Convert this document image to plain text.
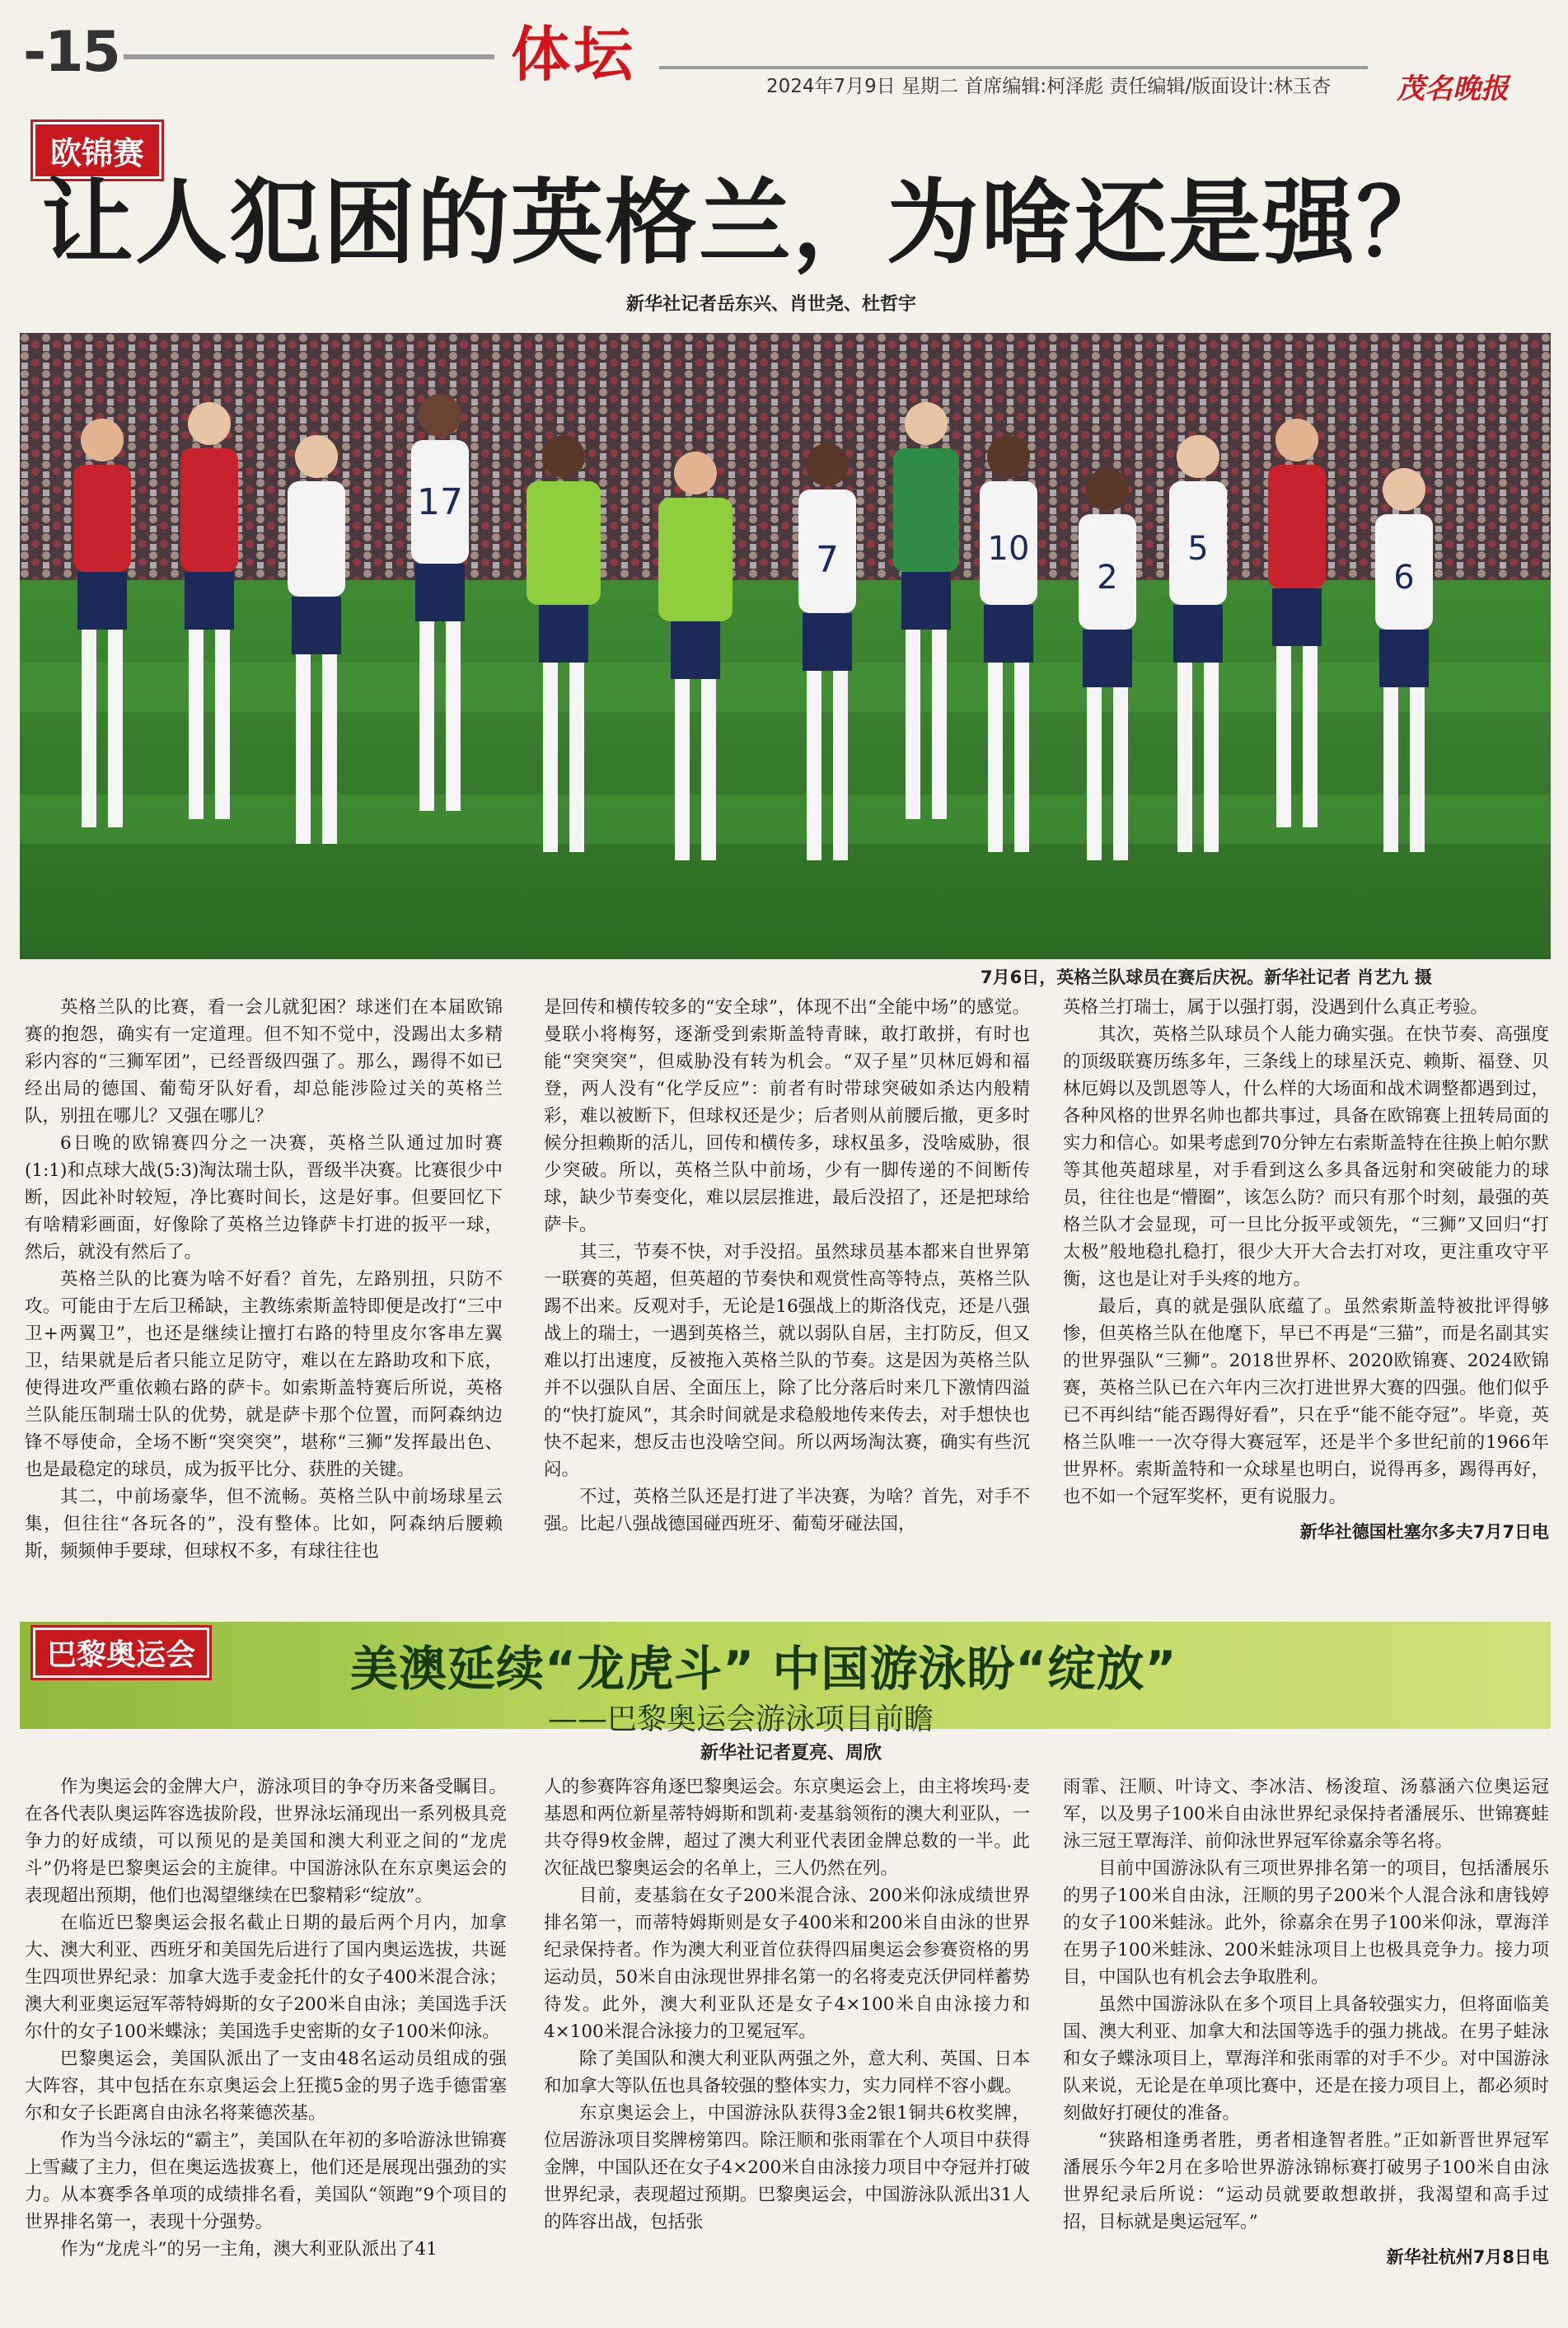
-15	体坛	2024年7月9日 星期二 首席编辑:柯泽彪 责任编辑/版面设计:林玉杏 茂名晚报
欧锦赛
让人犯困的英格兰，为啥还是强？
新华社记者岳东兴、肖世尧、杜哲宇
17
7	10
2
5
6
7月6日，英格兰队球员在赛后庆祝。新华社记者 肖艺九 摄

英格兰队的比赛，看一会儿就犯困？球迷们在本届欧锦赛的抱怨，确实有一定道理。但不知不觉中，没踢出太多精彩内容的“三狮军团”，已经晋级四强了。那么，踢得不如已经出局的德国、葡萄牙队好看，却总能涉险过关的英格兰队，别扭在哪儿？又强在哪儿？

6日晚的欧锦赛四分之一决赛，英格兰队通过加时赛(1:1)和点球大战(5:3)淘汰瑞士队，晋级半决赛。比赛很少中断，因此补时较短，净比赛时间长，这是好事。但要回忆下有啥精彩画面，好像除了英格兰边锋萨卡打进的扳平一球，然后，就没有然后了。

英格兰队的比赛为啥不好看？首先，左路别扭，只防不攻。可能由于左后卫稀缺，主教练索斯盖特即便是改打“三中卫+两翼卫”，也还是继续让擅打右路的特里皮尔客串左翼卫，结果就是后者只能立足防守，难以在左路助攻和下底，使得进攻严重依赖右路的萨卡。如索斯盖特赛后所说，英格兰队能压制瑞士队的优势，就是萨卡那个位置，而阿森纳边锋不辱使命，全场不断“突突突”，堪称“三狮”发挥最出色、也是最稳定的球员，成为扳平比分、获胜的关键。

其二，中前场豪华，但不流畅。英格兰队中前场球星云集，但往往“各玩各的”，没有整体。比如，阿森纳后腰赖斯，频频伸手要球，但球权不多，有球往往也

是回传和横传较多的“安全球”，体现不出“全能中场”的感觉。曼联小将梅努，逐渐受到索斯盖特青睐，敢打敢拼，有时也能“突突突”，但威胁没有转为机会。“双子星”贝林厄姆和福登，两人没有“化学反应”：前者有时带球突破如杀达内般精彩，难以被断下，但球权还是少；后者则从前腰后撤，更多时候分担赖斯的活儿，回传和横传多，球权虽多，没啥威胁，很少突破。所以，英格兰队中前场，少有一脚传递的不间断传球，缺少节奏变化，难以层层推进，最后没招了，还是把球给萨卡。

其三，节奏不快，对手没招。虽然球员基本都来自世界第一联赛的英超，但英超的节奏快和观赏性高等特点，英格兰队踢不出来。反观对手，无论是16强战上的斯洛伐克，还是八强战上的瑞士，一遇到英格兰，就以弱队自居，主打防反，但又难以打出速度，反被拖入英格兰队的节奏。这是因为英格兰队并不以强队自居、全面压上，除了比分落后时来几下激情四溢的“快打旋风”，其余时间就是求稳般地传来传去，对手想快也快不起来，想反击也没啥空间。所以两场淘汰赛，确实有些沉闷。

不过，英格兰队还是打进了半决赛，为啥？首先，对手不强。比起八强战德国碰西班牙、葡萄牙碰法国，

英格兰打瑞士，属于以强打弱，没遇到什么真正考验。

其次，英格兰队球员个人能力确实强。在快节奏、高强度的顶级联赛历练多年，三条线上的球星沃克、赖斯、福登、贝林厄姆以及凯恩等人，什么样的大场面和战术调整都遇到过，各种风格的世界名帅也都共事过，具备在欧锦赛上扭转局面的实力和信心。如果考虑到70分钟左右索斯盖特在往换上帕尔默等其他英超球星，对手看到这么多具备远射和突破能力的球员，往往也是“懵圈”，该怎么防？而只有那个时刻，最强的英格兰队才会显现，可一旦比分扳平或领先，“三狮”又回归“打太极”般地稳扎稳打，很少大开大合去打对攻，更注重攻守平衡，这也是让对手头疼的地方。

最后，真的就是强队底蕴了。虽然索斯盖特被批评得够惨，但英格兰队在他麾下，早已不再是“三猫”，而是名副其实的世界强队“三狮”。2018世界杯、2020欧锦赛、2024欧锦赛，英格兰队已在六年内三次打进世界大赛的四强。他们似乎已不再纠结“能否踢得好看”，只在乎“能不能夺冠”。毕竟，英格兰队唯一一次夺得大赛冠军，还是半个多世纪前的1966年世界杯。索斯盖特和一众球星也明白，说得再多，踢得再好，也不如一个冠军奖杯，更有说服力。

新华社德国杜塞尔多夫7月7日电
巴黎奥运会	美澳延续“龙虎斗” 中国游泳盼“绽放”
——巴黎奥运会游泳项目前瞻
新华社记者夏亮、周欣

作为奥运会的金牌大户，游泳项目的争夺历来备受瞩目。在各代表队奥运阵容选拔阶段，世界泳坛涌现出一系列极具竞争力的好成绩，可以预见的是美国和澳大利亚之间的“龙虎斗”仍将是巴黎奥运会的主旋律。中国游泳队在东京奥运会的表现超出预期，他们也渴望继续在巴黎精彩“绽放”。

在临近巴黎奥运会报名截止日期的最后两个月内，加拿大、澳大利亚、西班牙和美国先后进行了国内奥运选拔，共诞生四项世界纪录：加拿大选手麦金托什的女子400米混合泳；澳大利亚奥运冠军蒂特姆斯的女子200米自由泳；美国选手沃尔什的女子100米蝶泳；美国选手史密斯的女子100米仰泳。

巴黎奥运会，美国队派出了一支由48名运动员组成的强大阵容，其中包括在东京奥运会上狂揽5金的男子选手德雷塞尔和女子长距离自由泳名将莱德茨基。

作为当今泳坛的“霸主”，美国队在年初的多哈游泳世锦赛上雪藏了主力，但在奥运选拔赛上，他们还是展现出强劲的实力。从本赛季各单项的成绩排名看，美国队“领跑”9个项目的世界排名第一，表现十分强势。

作为“龙虎斗”的另一主角，澳大利亚队派出了41

人的参赛阵容角逐巴黎奥运会。东京奥运会上，由主将埃玛·麦基恩和两位新星蒂特姆斯和凯莉·麦基翁领衔的澳大利亚队，一共夺得9枚金牌，超过了澳大利亚代表团金牌总数的一半。此次征战巴黎奥运会的名单上，三人仍然在列。

目前，麦基翁在女子200米混合泳、200米仰泳成绩世界排名第一，而蒂特姆斯则是女子400米和200米自由泳的世界纪录保持者。作为澳大利亚首位获得四届奥运会参赛资格的男运动员，50米自由泳现世界排名第一的名将麦克沃伊同样蓄势待发。此外，澳大利亚队还是女子4×100米自由泳接力和4×100米混合泳接力的卫冕冠军。

除了美国队和澳大利亚队两强之外，意大利、英国、日本和加拿大等队伍也具备较强的整体实力，实力同样不容小觑。

东京奥运会上，中国游泳队获得3金2银1铜共6枚奖牌，位居游泳项目奖牌榜第四。除汪顺和张雨霏在个人项目中获得金牌，中国队还在女子4×200米自由泳接力项目中夺冠并打破世界纪录，表现超过预期。巴黎奥运会，中国游泳队派出31人的阵容出战，包括张

雨霏、汪顺、叶诗文、李冰洁、杨浚瑄、汤慕涵六位奥运冠军，以及男子100米自由泳世界纪录保持者潘展乐、世锦赛蛙泳三冠王覃海洋、前仰泳世界冠军徐嘉余等名将。

目前中国游泳队有三项世界排名第一的项目，包括潘展乐的男子100米自由泳，汪顺的男子200米个人混合泳和唐钱婷的女子100米蛙泳。此外，徐嘉余在男子100米仰泳，覃海洋在男子100米蛙泳、200米蛙泳项目上也极具竞争力。接力项目，中国队也有机会去争取胜利。

虽然中国游泳队在多个项目上具备较强实力，但将面临美国、澳大利亚、加拿大和法国等选手的强力挑战。在男子蛙泳和女子蝶泳项目上，覃海洋和张雨霏的对手不少。对中国游泳队来说，无论是在单项比赛中，还是在接力项目上，都必须时刻做好打硬仗的准备。

“狭路相逢勇者胜，勇者相逢智者胜。”正如新晋世界冠军潘展乐今年2月在多哈世界游泳锦标赛打破男子100米自由泳世界纪录后所说：“运动员就要敢想敢拼，我渴望和高手过招，目标就是奥运冠军。”

新华社杭州7月8日电
